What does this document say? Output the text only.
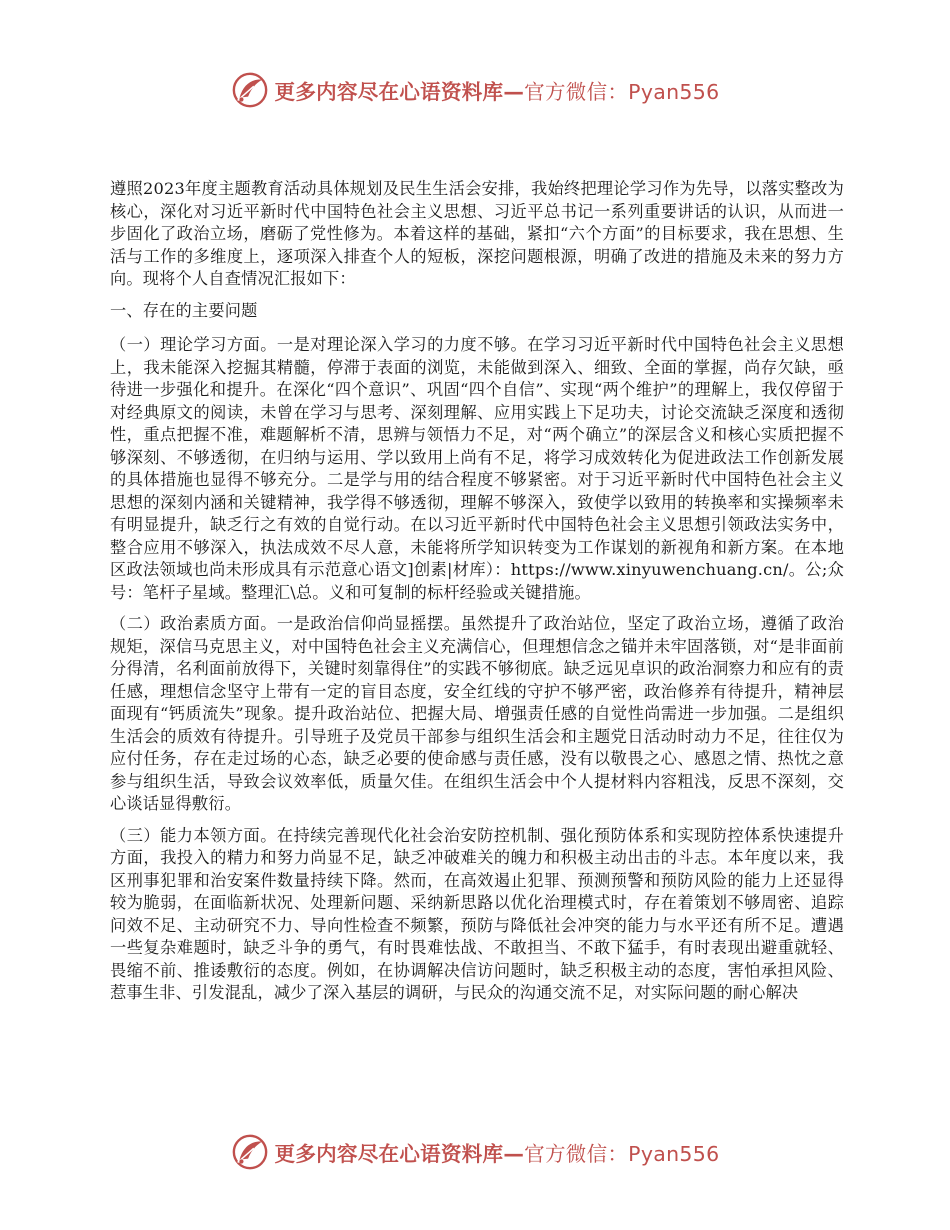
更多内容尽在心语资料库—官方微信：Pyan556

遵照2023年度主题教育活动具体规划及民生生活会安排，我始终把理论学习作为先导，以落实整改为核心，深化对习近平新时代中国特色社会主义思想、习近平总书记一系列重要讲话的认识，从而进一步固化了政治立场，磨砺了党性修为。本着这样的基础，紧扣“六个方面”的目标要求，我在思想、生活与工作的多维度上，逐项深入排查个人的短板，深挖问题根源，明确了改进的措施及未来的努力方向。现将个人自查情况汇报如下：

一、存在的主要问题

（一）理论学习方面。一是对理论深入学习的力度不够。在学习习近平新时代中国特色社会主义思想上，我未能深入挖掘其精髓，停滞于表面的浏览，未能做到深入、细致、全面的掌握，尚存欠缺，亟待进一步强化和提升。在深化“四个意识”、巩固“四个自信”、实现“两个维护”的理解上，我仅停留于对经典原文的阅读，未曾在学习与思考、深刻理解、应用实践上下足功夫，讨论交流缺乏深度和透彻性，重点把握不准，难题解析不清，思辨与领悟力不足，对“两个确立”的深层含义和核心实质把握不够深刻、不够透彻，在归纳与运用、学以致用上尚有不足，将学习成效转化为促进政法工作创新发展的具体措施也显得不够充分。二是学与用的结合程度不够紧密。对于习近平新时代中国特色社会主义思想的深刻内涵和关键精神，我学得不够透彻，理解不够深入，致使学以致用的转换率和实操频率未有明显提升，缺乏行之有效的自觉行动。在以习近平新时代中国特色社会主义思想引领政法实务中，整合应用不够深入，执法成效不尽人意，未能将所学知识转变为工作谋划的新视角和新方案。在本地区政法领域也尚未形成具有示范意心语文]创素|材库）：https://www.xinyuwenchuang.cn/。公;众号：笔杆子星域。整理汇\总。义和可复制的标杆经验或关键措施。

（二）政治素质方面。一是政治信仰尚显摇摆。虽然提升了政治站位，坚定了政治立场，遵循了政治规矩，深信马克思主义，对中国特色社会主义充满信心，但理想信念之锚并未牢固落锁，对“是非面前分得清，名利面前放得下，关键时刻靠得住”的实践不够彻底。缺乏远见卓识的政治洞察力和应有的责任感，理想信念坚守上带有一定的盲目态度，安全红线的守护不够严密，政治修养有待提升，精神层面现有“钙质流失”现象。提升政治站位、把握大局、增强责任感的自觉性尚需进一步加强。二是组织生活会的质效有待提升。引导班子及党员干部参与组织生活会和主题党日活动时动力不足，往往仅为应付任务，存在走过场的心态，缺乏必要的使命感与责任感，没有以敬畏之心、感恩之情、热忱之意参与组织生活，导致会议效率低，质量欠佳。在组织生活会中个人提材料内容粗浅，反思不深刻，交心谈话显得敷衍。

（三）能力本领方面。在持续完善现代化社会治安防控机制、强化预防体系和实现防控体系快速提升方面，我投入的精力和努力尚显不足，缺乏冲破难关的魄力和积极主动出击的斗志。本年度以来，我区刑事犯罪和治安案件数量持续下降。然而，在高效遏止犯罪、预测预警和预防风险的能力上还显得较为脆弱，在面临新状况、处理新问题、采纳新思路以优化治理模式时，存在着策划不够周密、追踪问效不足、主动研究不力、导向性检查不频繁，预防与降低社会冲突的能力与水平还有所不足。遭遇一些复杂难题时，缺乏斗争的勇气，有时畏难怯战、不敢担当、不敢下猛手，有时表现出避重就轻、畏缩不前、推诿敷衍的态度。例如，在协调解决信访问题时，缺乏积极主动的态度，害怕承担风险、惹事生非、引发混乱，减少了深入基层的调研，与民众的沟通交流不足，对实际问题的耐心解决

更多内容尽在心语资料库—官方微信：Pyan556
